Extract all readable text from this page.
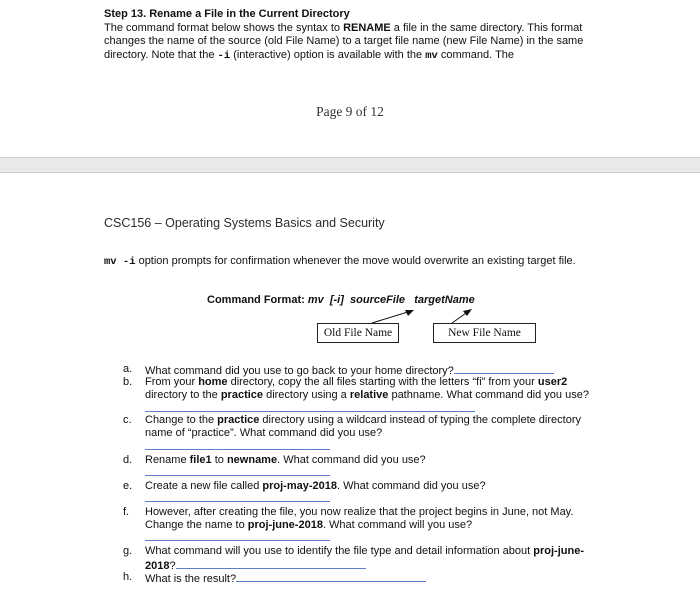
Step 13. Rename a File in the Current Directory
The command format below shows the syntax to RENAME a file in the same directory. This format changes the name of the source (old File Name) to a target file name (new File Name) in the same directory. Note that the -i (interactive) option is available with the mv command. The
Page 9 of 12
CSC156 – Operating Systems Basics and Security
mv -i option prompts for confirmation whenever the move would overwrite an existing target file.
Command Format: mv  [-i]  sourceFile   targetName
Old File Name	New File Name
a.	What command did you use to go back to your home directory?
b.	From your home directory, copy the all files starting with the letters “fi” from your user2 directory to the practice directory using a relative pathname. What command did you use?
c.	Change to the practice directory using a wildcard instead of typing the complete directory name of “practice”. What command did you use?
d.	Rename file1 to newname. What command did you use?
e.	Create a new file called proj-may-2018. What command did you use?
f.	However, after creating the file, you now realize that the project begins in June, not May. Change the name to proj-june-2018. What command will you use?
g.	What command will you use to identify the file type and detail information about proj-june-2018?
h.	What is the result?
